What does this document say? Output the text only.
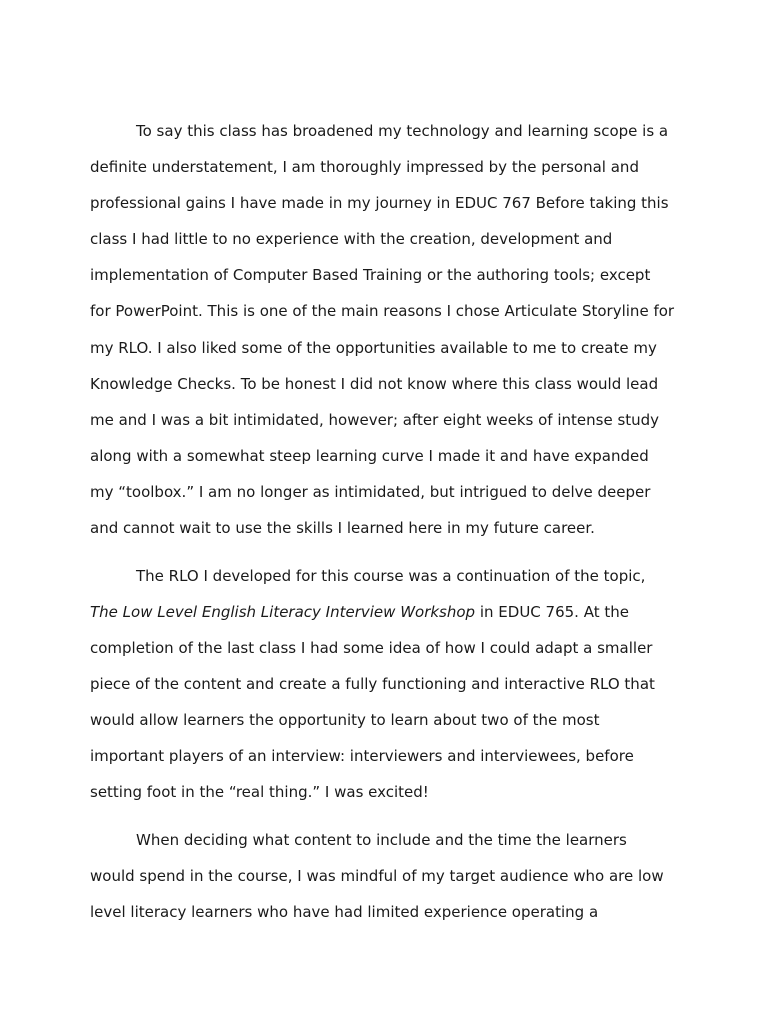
To say this class has broadened my technology and learning scope is a

definite understatement, I am thoroughly impressed by the personal and

professional gains I have made in my journey in EDUC 767 Before taking this

class I had little to no experience with the creation, development and

implementation of Computer Based Training or the authoring tools; except

for PowerPoint. This is one of the main reasons I chose Articulate Storyline for

my RLO. I also liked some of the opportunities available to me to create my

Knowledge Checks. To be honest I did not know where this class would lead

me and I was a bit intimidated, however; after eight weeks of intense study

along with a somewhat steep learning curve I made it and have expanded

my “toolbox.” I am no longer as intimidated, but intrigued to delve deeper

and cannot wait to use the skills I learned here in my future career.

The RLO I developed for this course was a continuation of the topic,

The Low Level English Literacy Interview Workshop in EDUC 765. At the

completion of the last class I had some idea of how I could adapt a smaller

piece of the content and create a fully functioning and interactive RLO that

would allow learners the opportunity to learn about two of the most

important players of an interview: interviewers and interviewees, before

setting foot in the “real thing.” I was excited!

When deciding what content to include and the time the learners

would spend in the course, I was mindful of my target audience who are low

level literacy learners who have had limited experience operating a
